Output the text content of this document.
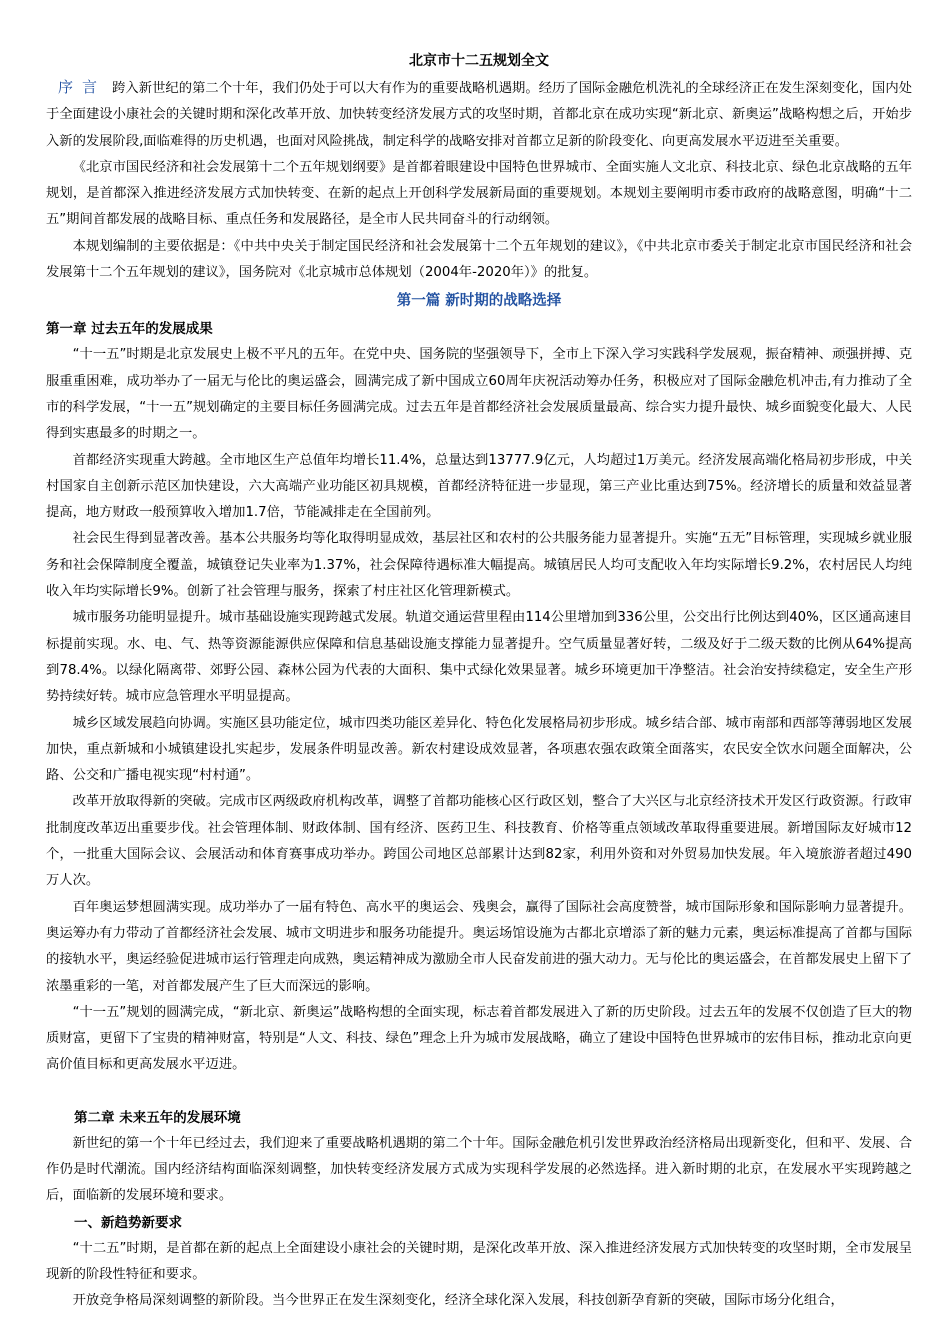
北京市十二五规划全文

序言 跨入新世纪的第二个十年，我们仍处于可以大有作为的重要战略机遇期。经历了国际金融危机洗礼的全球经济正在发生深刻变化，国内处于全面建设小康社会的关键时期和深化改革开放、加快转变经济发展方式的攻坚时期，首都北京在成功实现“新北京、新奥运”战略构想之后，开始步入新的发展阶段,面临难得的历史机遇，也面对风险挑战，制定科学的战略安排对首都立足新的阶段变化、向更高发展水平迈进至关重要。

《北京市国民经济和社会发展第十二个五年规划纲要》是首都着眼建设中国特色世界城市、全面实施人文北京、科技北京、绿色北京战略的五年规划，是首都深入推进经济发展方式加快转变、在新的起点上开创科学发展新局面的重要规划。本规划主要阐明市委市政府的战略意图，明确“十二五”期间首都发展的战略目标、重点任务和发展路径，是全市人民共同奋斗的行动纲领。

本规划编制的主要依据是：《中共中央关于制定国民经济和社会发展第十二个五年规划的建议》，《中共北京市委关于制定北京市国民经济和社会发展第十二个五年规划的建议》，国务院对《北京城市总体规划（2004年-2020年）》的批复。

第一篇 新时期的战略选择
第一章 过去五年的发展成果

“十一五”时期是北京发展史上极不平凡的五年。在党中央、国务院的坚强领导下，全市上下深入学习实践科学发展观，振奋精神、顽强拼搏、克服重重困难，成功举办了一届无与伦比的奥运盛会，圆满完成了新中国成立60周年庆祝活动筹办任务，积极应对了国际金融危机冲击,有力推动了全市的科学发展，“十一五”规划确定的主要目标任务圆满完成。过去五年是首都经济社会发展质量最高、综合实力提升最快、城乡面貌变化最大、人民得到实惠最多的时期之一。

首都经济实现重大跨越。全市地区生产总值年均增长11.4%，总量达到13777.9亿元，人均超过1万美元。经济发展高端化格局初步形成，中关村国家自主创新示范区加快建设，六大高端产业功能区初具规模，首都经济特征进一步显现，第三产业比重达到75%。经济增长的质量和效益显著提高，地方财政一般预算收入增加1.7倍，节能减排走在全国前列。

社会民生得到显著改善。基本公共服务均等化取得明显成效，基层社区和农村的公共服务能力显著提升。实施“五无”目标管理，实现城乡就业服务和社会保障制度全覆盖，城镇登记失业率为1.37%，社会保障待遇标准大幅提高。城镇居民人均可支配收入年均实际增长9.2%，农村居民人均纯收入年均实际增长9%。创新了社会管理与服务，探索了村庄社区化管理新模式。

城市服务功能明显提升。城市基础设施实现跨越式发展。轨道交通运营里程由114公里增加到336公里，公交出行比例达到40%，区区通高速目标提前实现。水、电、气、热等资源能源供应保障和信息基础设施支撑能力显著提升。空气质量显著好转，二级及好于二级天数的比例从64%提高到78.4%。以绿化隔离带、郊野公园、森林公园为代表的大面积、集中式绿化效果显著。城乡环境更加干净整洁。社会治安持续稳定，安全生产形势持续好转。城市应急管理水平明显提高。

城乡区域发展趋向协调。实施区县功能定位，城市四类功能区差异化、特色化发展格局初步形成。城乡结合部、城市南部和西部等薄弱地区发展加快，重点新城和小城镇建设扎实起步，发展条件明显改善。新农村建设成效显著，各项惠农强农政策全面落实，农民安全饮水问题全面解决，公路、公交和广播电视实现“村村通”。

改革开放取得新的突破。完成市区两级政府机构改革，调整了首都功能核心区行政区划，整合了大兴区与北京经济技术开发区行政资源。行政审批制度改革迈出重要步伐。社会管理体制、财政体制、国有经济、医药卫生、科技教育、价格等重点领域改革取得重要进展。新增国际友好城市12个，一批重大国际会议、会展活动和体育赛事成功举办。跨国公司地区总部累计达到82家，利用外资和对外贸易加快发展。年入境旅游者超过490万人次。

百年奥运梦想圆满实现。成功举办了一届有特色、高水平的奥运会、残奥会，赢得了国际社会高度赞誉，城市国际形象和国际影响力显著提升。奥运筹办有力带动了首都经济社会发展、城市文明进步和服务功能提升。奥运场馆设施为古都北京增添了新的魅力元素，奥运标准提高了首都与国际的接轨水平，奥运经验促进城市运行管理走向成熟，奥运精神成为激励全市人民奋发前进的强大动力。无与伦比的奥运盛会，在首都发展史上留下了浓墨重彩的一笔，对首都发展产生了巨大而深远的影响。

“十一五”规划的圆满完成，“新北京、新奥运”战略构想的全面实现，标志着首都发展进入了新的历史阶段。过去五年的发展不仅创造了巨大的物质财富，更留下了宝贵的精神财富，特别是“人文、科技、绿色”理念上升为城市发展战略，确立了建设中国特色世界城市的宏伟目标，推动北京向更高价值目标和更高发展水平迈进。

第二章 未来五年的发展环境

新世纪的第一个十年已经过去，我们迎来了重要战略机遇期的第二个十年。国际金融危机引发世界政治经济格局出现新变化，但和平、发展、合作仍是时代潮流。国内经济结构面临深刻调整，加快转变经济发展方式成为实现科学发展的必然选择。进入新时期的北京，在发展水平实现跨越之后，面临新的发展环境和要求。

一、新趋势新要求

“十二五”时期，是首都在新的起点上全面建设小康社会的关键时期，是深化改革开放、深入推进经济发展方式加快转变的攻坚时期，全市发展呈现新的阶段性特征和要求。

开放竞争格局深刻调整的新阶段。当今世界正在发生深刻变化，经济全球化深入发展，科技创新孕育新的突破，国际市场分化组合，
